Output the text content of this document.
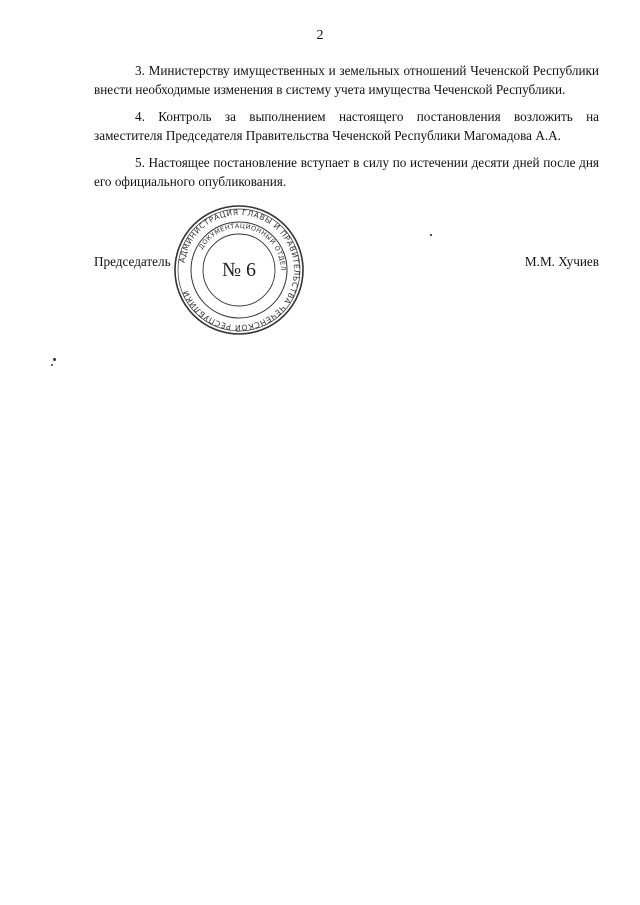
2

3. Министерству имущественных и земельных отношений Чеченской Республики внести необходимые изменения в систему учета имущества Чеченской Республики.

4. Контроль за выполнением настоящего постановления возложить на заместителя Председателя Правительства Чеченской Республики Магомадова А.А.

5. Настоящее постановление вступает в силу по истечении десяти дней после дня его официального опубликования.

Председатель	М.М. Хучиев
АДМИНИСТРАЦИЯ ГЛАВЫ И ПРАВИТЕЛЬСТВА ЧЕЧЕНСКОЙ РЕСПУБЛИКИ
ДОКУМЕНТАЦИОННЫЙ ОТДЕЛ
№ 6
